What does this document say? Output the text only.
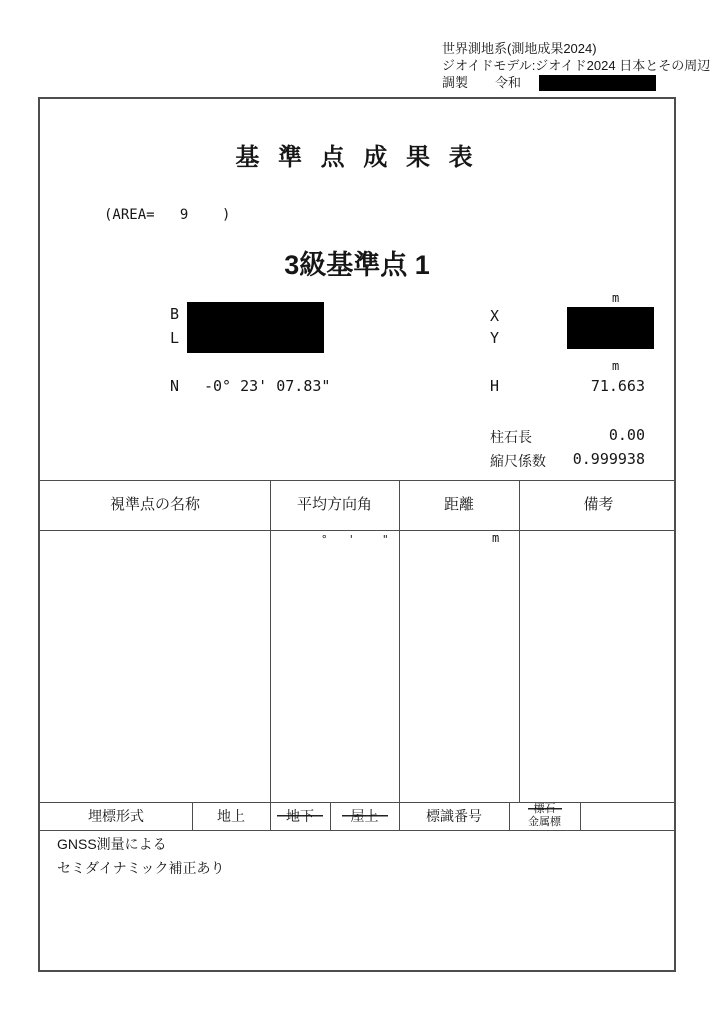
世界測地系(測地成果2024)
ジオイドモデル:ジオイド2024 日本とその周辺
調製	令和
基 準 点 成 果 表
(AREA=   9    )
3級基準点 1
B
L
X
Y
m
N -0° 23' 07.83"
m
H	71.663
柱石長	0.00
縮尺係数	0.999938
視準点の名称	平均方向角	距離	備考
° ' "	m
埋標形式	地上	地下	屋上	標識番号	標石
金属標
GNSS測量による
セミダイナミック補正あり
